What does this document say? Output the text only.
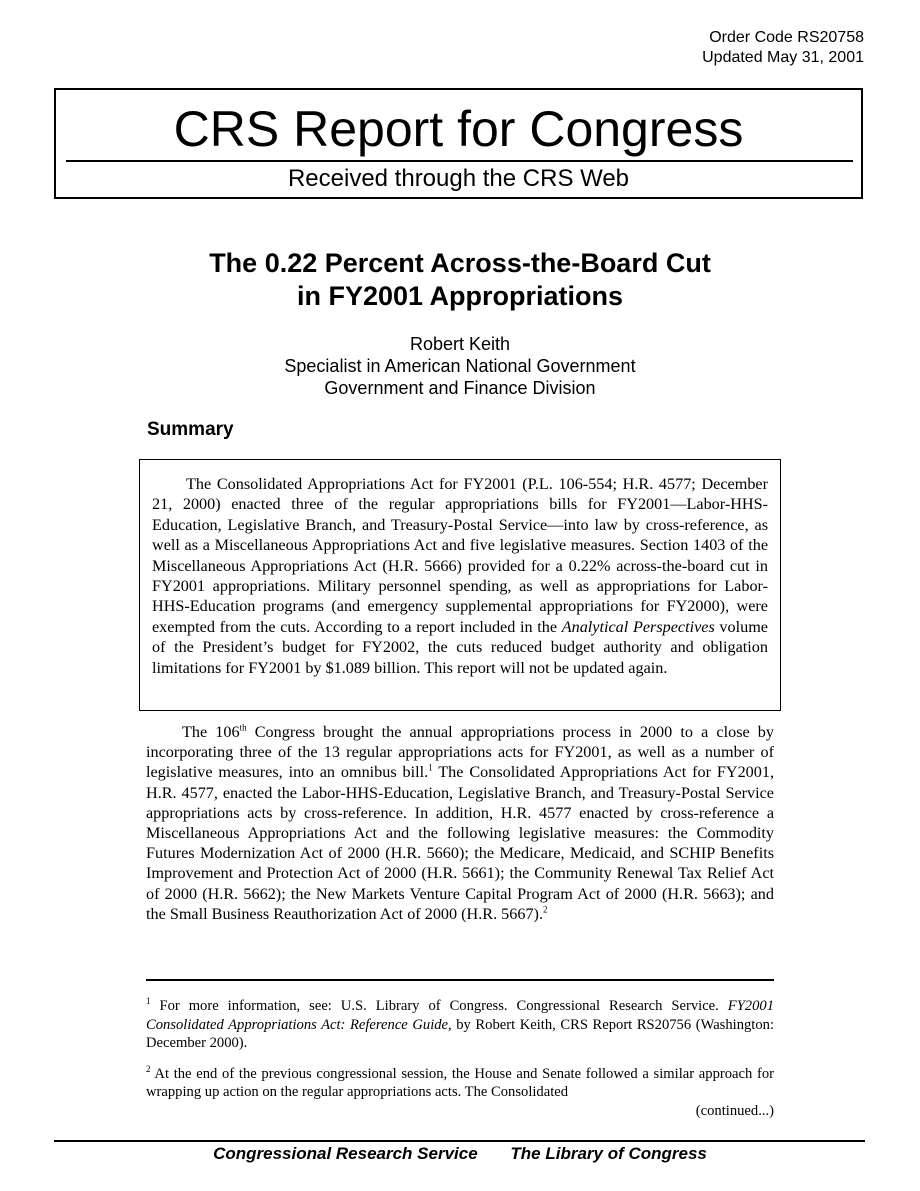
Order Code RS20758
Updated May 31, 2001
CRS Report for Congress
Received through the CRS Web
The 0.22 Percent Across-the-Board Cut
in FY2001 Appropriations
Robert Keith
Specialist in American National Government
Government and Finance Division
Summary

The Consolidated Appropriations Act for FY2001 (P.L. 106-554; H.R. 4577; December 21, 2000) enacted three of the regular appropriations bills for FY2001—Labor-HHS-Education, Legislative Branch, and Treasury-Postal Service—into law by cross-reference, as well as a Miscellaneous Appropriations Act and five legislative measures. Section 1403 of the Miscellaneous Appropriations Act (H.R. 5666) provided for a 0.22% across-the-board cut in FY2001 appropriations. Military personnel spending, as well as appropriations for Labor-HHS-Education programs (and emergency supplemental appropriations for FY2000), were exempted from the cuts. According to a report included in the Analytical Perspectives volume of the President’s budget for FY2002, the cuts reduced budget authority and obligation limitations for FY2001 by $1.089 billion. This report will not be updated again.

The 106th Congress brought the annual appropriations process in 2000 to a close by incorporating three of the 13 regular appropriations acts for FY2001, as well as a number of legislative measures, into an omnibus bill.$^1$ The Consolidated Appropriations Act for FY2001, H.R. 4577, enacted the Labor-HHS-Education, Legislative Branch, and Treasury-Postal Service appropriations acts by cross-reference. In addition, H.R. 4577 enacted by cross-reference a Miscellaneous Appropriations Act and the following legislative measures: the Commodity Futures Modernization Act of 2000 (H.R. 5660); the Medicare, Medicaid, and SCHIP Benefits Improvement and Protection Act of 2000 (H.R. 5661); the Community Renewal Tax Relief Act of 2000 (H.R. 5662); the New Markets Venture Capital Program Act of 2000 (H.R. 5663); and the Small Business Reauthorization Act of 2000 (H.R. 5667).$^2$

$^1$ For more information, see: U.S. Library of Congress. Congressional Research Service. FY2001 Consolidated Appropriations Act: Reference Guide, by Robert Keith, CRS Report RS20756 (Washington: December 2000).

$^2$ At the end of the previous congressional session, the House and Senate followed a similar approach for wrapping up action on the regular appropriations acts. The Consolidated

(continued...)

Congressional Research Service The Library of Congress
